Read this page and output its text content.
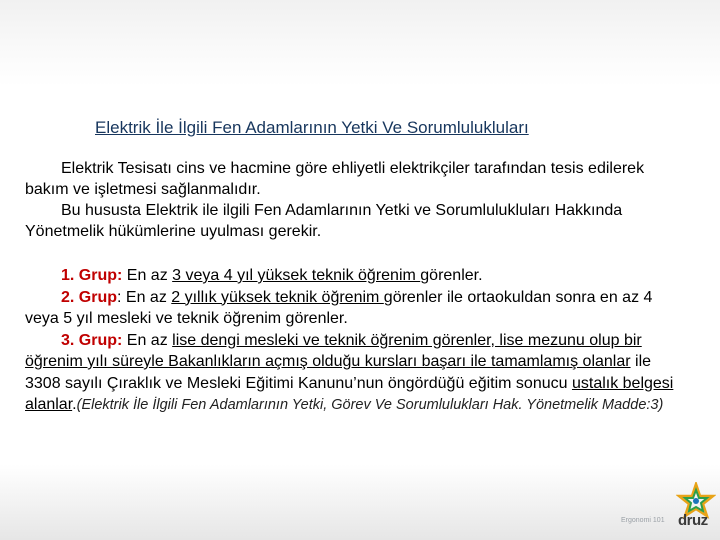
Elektrik İle İlgili Fen Adamlarının Yetki Ve Sorumlulukluları

Elektrik Tesisatı cins ve hacmine göre ehliyetli elektrikçiler tarafından tesis edilerek bakım ve işletmesi sağlanmalıdır.

Bu hususta Elektrik ile ilgili Fen Adamlarının Yetki ve Sorumlulukluları Hakkında Yönetmelik hükümlerine uyulması gerekir.

1. Grup: En az 3 veya 4 yıl yüksek teknik öğrenim görenler.

2. Grup: En az 2 yıllık yüksek teknik öğrenim görenler ile ortaokuldan sonra en az 4 veya 5 yıl mesleki ve teknik öğrenim görenler.

3. Grup: En az lise dengi mesleki ve teknik öğrenim görenler, lise mezunu olup bir öğrenim yılı süreyle Bakanlıkların açmış olduğu kursları başarı ile tamamlamış olanlar ile 3308 sayılı Çıraklık ve Mesleki Eğitimi Kanunu’nun öngördüğü eğitim sonucu ustalık belgesi alanlar.(Elektrik İle İlgili Fen Adamlarının Yetki, Görev Ve Sorumlulukları Hak. Yönetmelik Madde:3)

Ergonomi 101 druz
